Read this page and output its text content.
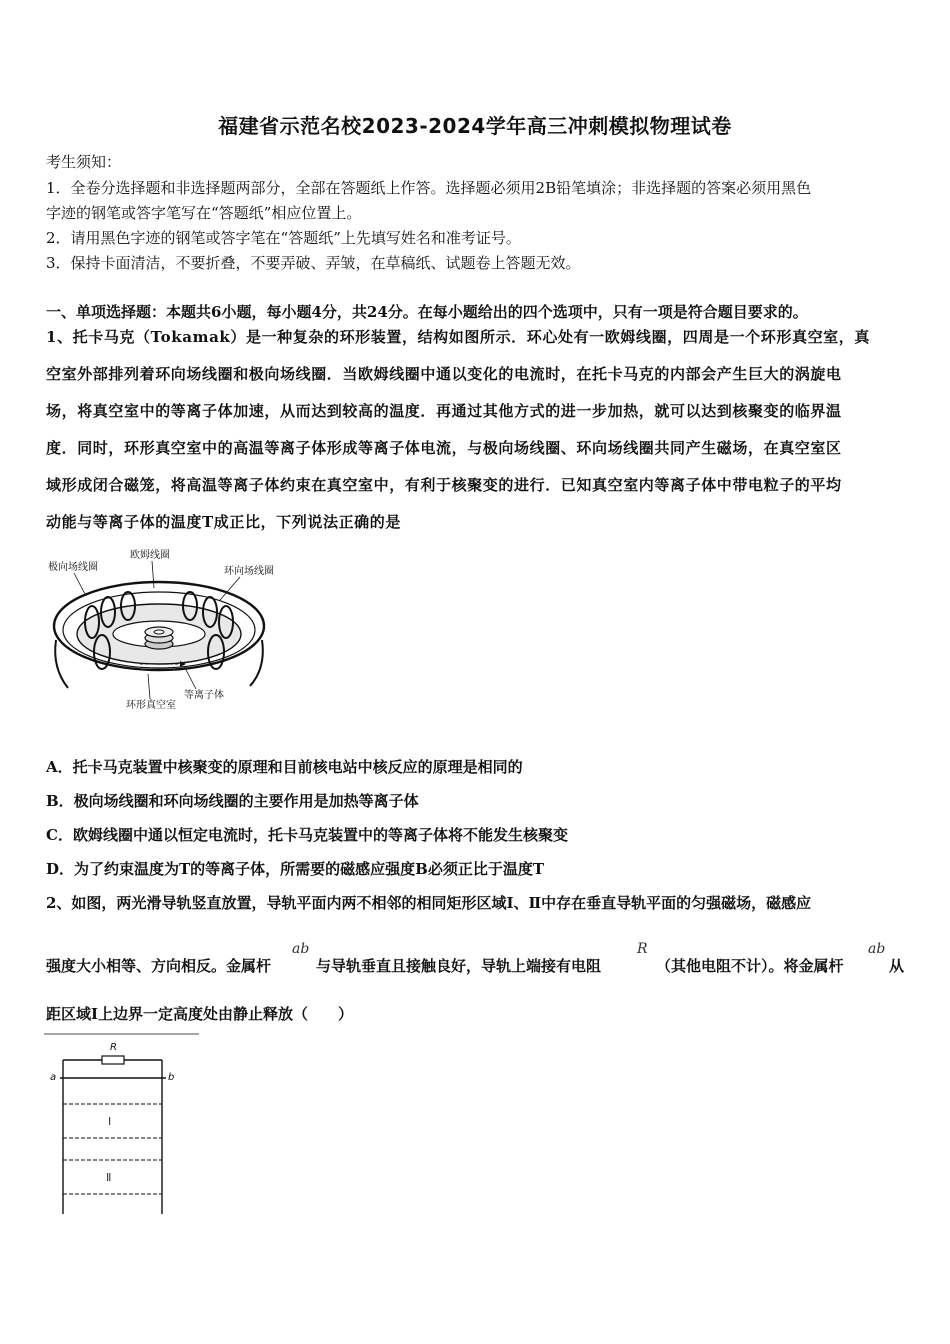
福建省示范名校2023-2024学年高三冲刺模拟物理试卷
考生须知：
1．全卷分选择题和非选择题两部分，全部在答题纸上作答。选择题必须用2B铅笔填涂；非选择题的答案必须用黑色
字迹的钢笔或答字笔写在“答题纸”相应位置上。
2．请用黑色字迹的钢笔或答字笔在“答题纸”上先填写姓名和准考证号。
3．保持卡面清洁，不要折叠，不要弄破、弄皱，在草稿纸、试题卷上答题无效。
一、单项选择题：本题共6小题，每小题4分，共24分。在每小题给出的四个选项中，只有一项是符合题目要求的。
1、托卡马克（Tokamak）是一种复杂的环形装置，结构如图所示．环心处有一欧姆线圈，四周是一个环形真空室，真
空室外部排列着环向场线圈和极向场线圈．当欧姆线圈中通以变化的电流时，在托卡马克的内部会产生巨大的涡旋电
场，将真空室中的等离子体加速，从而达到较高的温度．再通过其他方式的进一步加热，就可以达到核聚变的临界温
度．同时，环形真空室中的高温等离子体形成等离子体电流，与极向场线圈、环向场线圈共同产生磁场，在真空室区
域形成闭合磁笼，将高温等离子体约束在真空室中，有利于核聚变的进行．已知真空室内等离子体中带电粒子的平均
动能与等离子体的温度T成正比，下列说法正确的是
极向场线圈
欧姆线圈
环向场线圈
等离子体
环形真空室
A．托卡马克装置中核聚变的原理和目前核电站中核反应的原理是相同的
B．极向场线圈和环向场线圈的主要作用是加热等离子体
C．欧姆线圈中通以恒定电流时，托卡马克装置中的等离子体将不能发生核聚变
D．为了约束温度为T的等离子体，所需要的磁感应强度B必须正比于温度T
2、如图，两光滑导轨竖直放置，导轨平面内两不相邻的相同矩形区域Ⅰ、Ⅱ中存在垂直导轨平面的匀强磁场，磁感应
强度大小相等、方向相反。金属杆
ab
与导轨垂直且接触良好，导轨上端接有电阻
R
（其他电阻不计）。将金属杆
ab
从
距区域Ⅰ上边界一定高度处由静止释放（　　）
R
a	b
Ⅰ
Ⅱ
